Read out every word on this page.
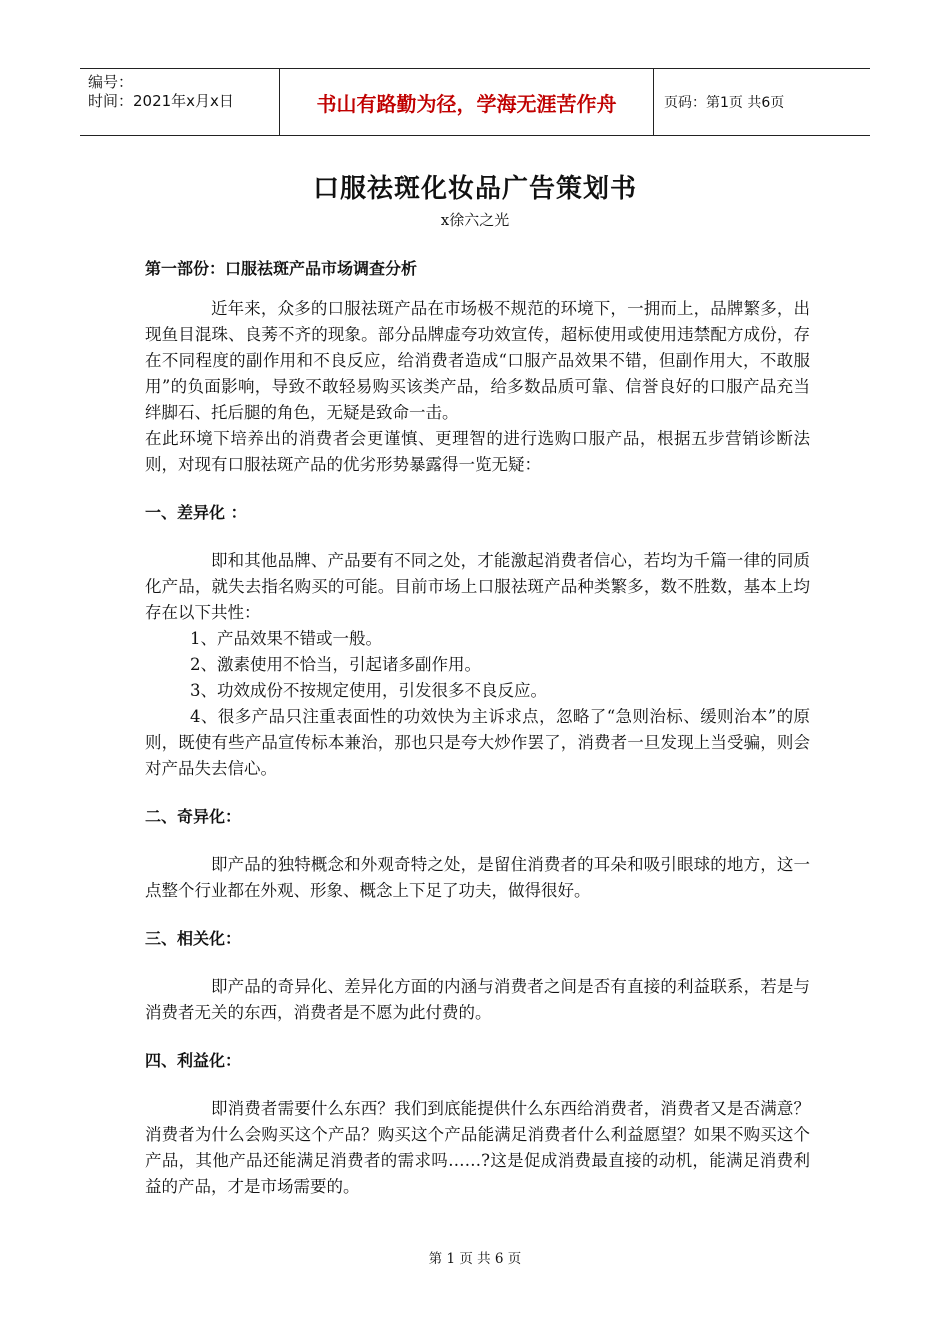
编号：
时间：2021年x月x日	书山有路勤为径，学海无涯苦作舟	页码：第1页 共6页
口服祛斑化妆品广告策划书
x徐六之光

第一部份：口服祛斑产品市场调查分析

近年来，众多的口服祛斑产品在市场极不规范的环境下，一拥而上，品牌繁多，出现鱼目混珠、良莠不齐的现象。部分品牌虚夸功效宣传，超标使用或使用违禁配方成份，存在不同程度的副作用和不良反应，给消费者造成“口服产品效果不错，但副作用大，不敢服用”的负面影响，导致不敢轻易购买该类产品，给多数品质可靠、信誉良好的口服产品充当绊脚石、托后腿的角色，无疑是致命一击。

在此环境下培养出的消费者会更谨慎、更理智的进行选购口服产品，根据五步营销诊断法则，对现有口服祛斑产品的优劣形势暴露得一览无疑：

一、差异化 ：

即和其他品牌、产品要有不同之处，才能激起消费者信心，若均为千篇一律的同质化产品，就失去指名购买的可能。目前市场上口服祛斑产品种类繁多，数不胜数，基本上均存在以下共性：

1、产品效果不错或一般。

2、激素使用不恰当，引起诸多副作用。

3、功效成份不按规定使用，引发很多不良反应。

4、很多产品只注重表面性的功效快为主诉求点，忽略了“急则治标、缓则治本”的原则，既使有些产品宣传标本兼治，那也只是夸大炒作罢了，消费者一旦发现上当受骗，则会对产品失去信心。

二、奇异化：

即产品的独特概念和外观奇特之处，是留住消费者的耳朵和吸引眼球的地方，这一点整个行业都在外观、形象、概念上下足了功夫，做得很好。

三、相关化：

即产品的奇异化、差异化方面的内涵与消费者之间是否有直接的利益联系，若是与消费者无关的东西，消费者是不愿为此付费的。

四、利益化：

即消费者需要什么东西？我们到底能提供什么东西给消费者，消费者又是否满意？消费者为什么会购买这个产品？购买这个产品能满足消费者什么利益愿望？如果不购买这个产品，其他产品还能满足消费者的需求吗……?这是促成消费最直接的动机，能满足消费利益的产品，才是市场需要的。

第 1 页 共 6 页
